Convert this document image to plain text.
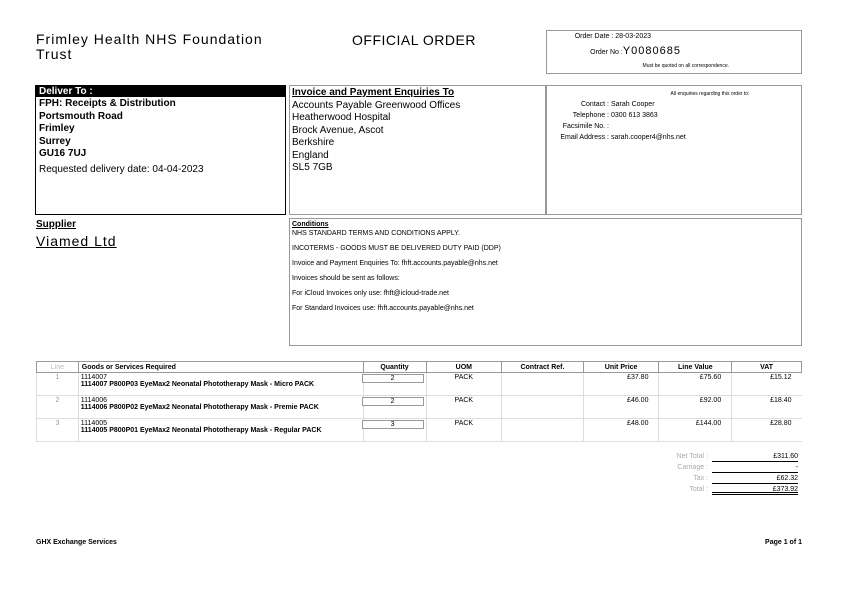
Frimley Health NHS Foundation Trust
OFFICIAL ORDER	Order Date :
28-03-2023
Order No : Y0080685
Must be quoted on all correspondence.
Deliver To :
FPH: Receipts & Distribution
Portsmouth Road
Frimley
Surrey
GU16 7UJ
Requested delivery date: 04-04-2023
Invoice and Payment Enquiries To
Accounts Payable Greenwood Offices
Heatherwood Hospital
Brock Avenue, Ascot
Berkshire
England
SL5 7GB
All enquiries regarding this order to:
Contact :
Sarah Cooper
Telephone :
0300 613 3863
Facsimile No. :

Email Address :
sarah.cooper4@nhs.net
Supplier
Viamed Ltd
Conditions
NHS STANDARD TERMS AND CONDITIONS APPLY.
INCOTERMS - GOODS MUST BE DELIVERED DUTY PAID (DDP)
Invoice and Payment Enquiries To: fhft.accounts.payable@nhs.net
Invoices should be sent as follows:
For iCloud Invoices only use: fhft@icloud-trade.net
For Standard Invoices use: fhft.accounts.payable@nhs.net
Line	Goods or Services Required	Quantity	UOM	Contract Ref.	Unit Price	Line Value	VAT
1	1114007
1114007 P800P03 EyeMax2 Neonatal Phototherapy Mask - Micro PACK	2	PACK		£37.80	£75.60	£15.12
2	1114006
1114006 P800P02 EyeMax2 Neonatal Phototherapy Mask - Premie PACK	2	PACK		£46.00	£92.00	£18.40
3	1114005
1114005 P800P01 EyeMax2 Neonatal Phototherapy Mask - Regular PACK	3	PACK		£48.00	£144.00	£28.80
Net Total :	£311.60
Carriage :	-
Tax :	£62.32
Total :	£373.92
GHX Exchange Services	Page 1 of 1
